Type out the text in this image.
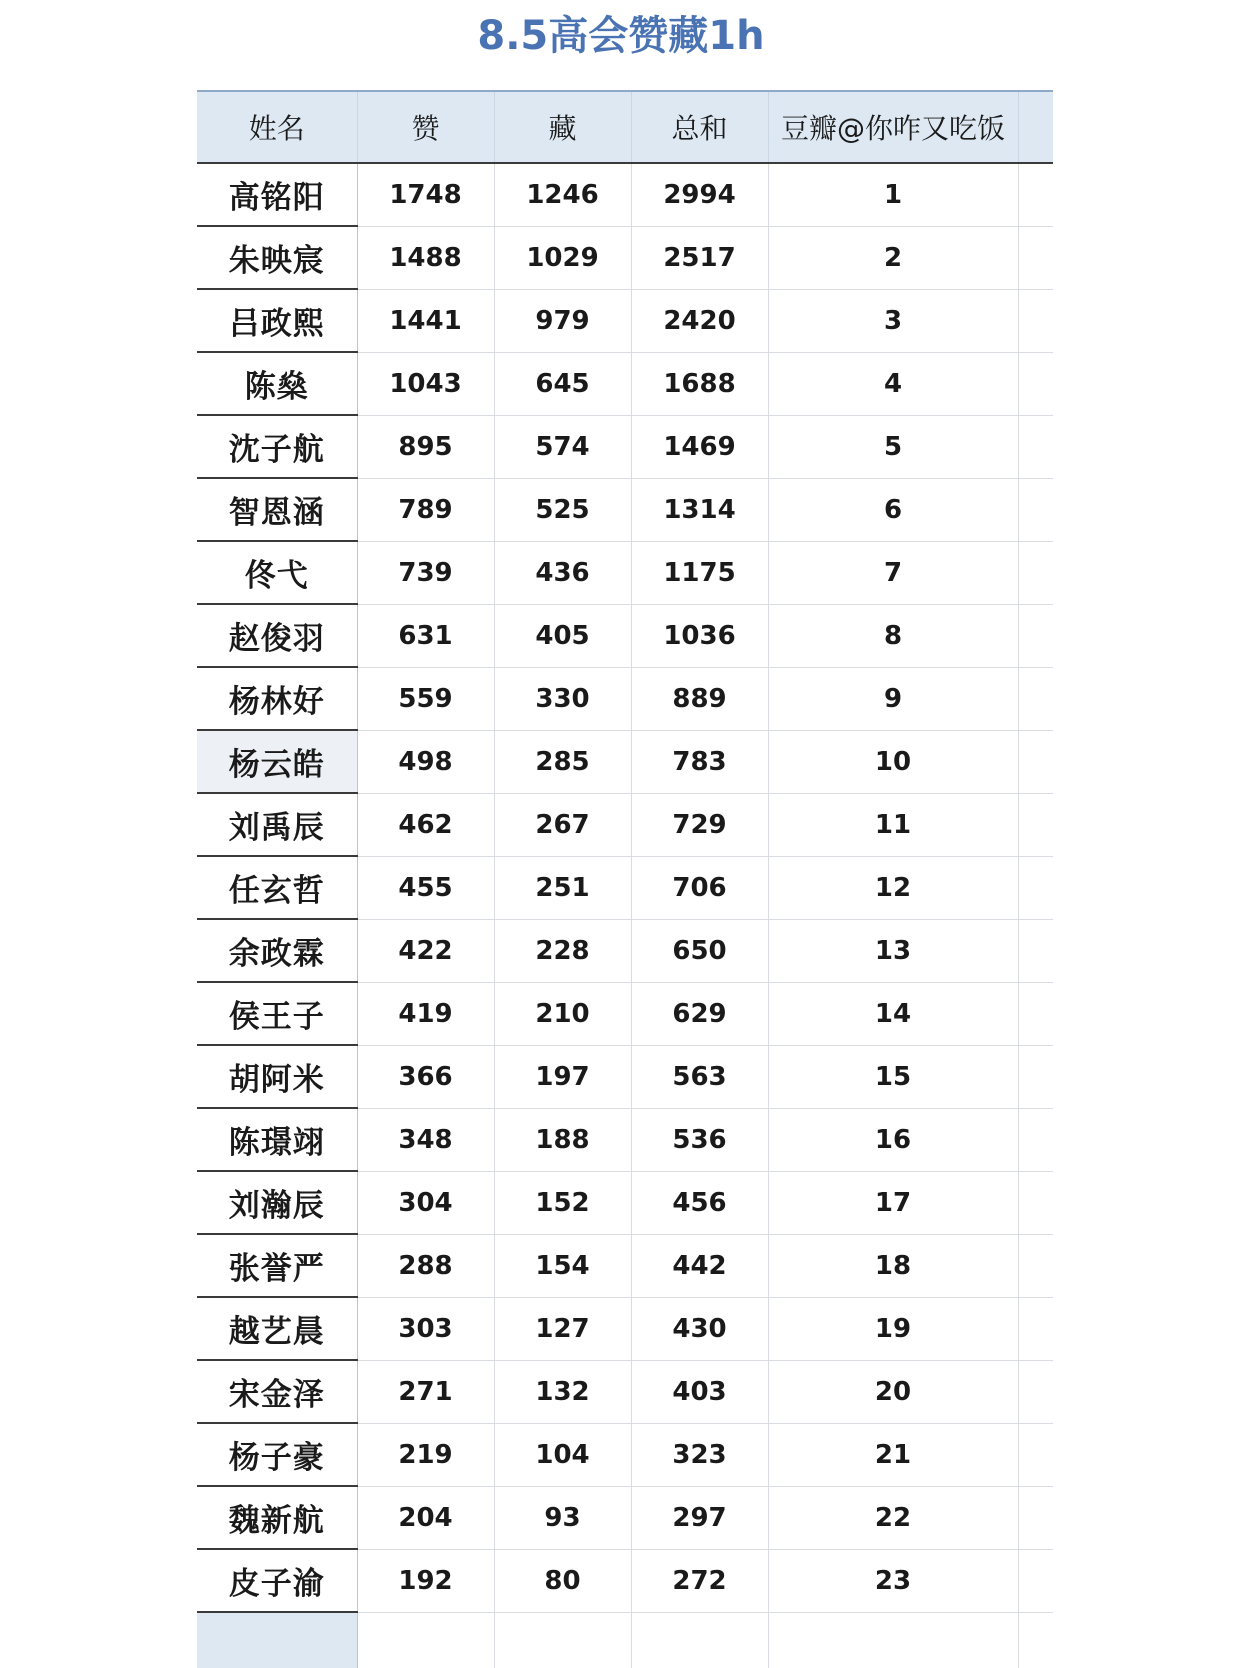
8.5高会赞藏1h
姓名	赞	藏	总和	豆瓣@你咋又吃饭	
高铭阳	1748	1246	2994	1	
朱映宸	1488	1029	2517	2	
吕政熙	1441	979	2420	3	
陈燊	1043	645	1688	4	
沈子航	895	574	1469	5	
智恩涵	789	525	1314	6	
佟弋	739	436	1175	7	
赵俊羽	631	405	1036	8	
杨林好	559	330	889	9	
杨云皓	498	285	783	10	
刘禹辰	462	267	729	11	
任玄哲	455	251	706	12	
余政霖	422	228	650	13	
侯王子	419	210	629	14	
胡阿米	366	197	563	15	
陈璟翊	348	188	536	16	
刘瀚辰	304	152	456	17	
张誉严	288	154	442	18	
越艺晨	303	127	430	19	
宋金泽	271	132	403	20	
杨子豪	219	104	323	21	
魏新航	204	93	297	22	
皮子渝	192	80	272	23	
